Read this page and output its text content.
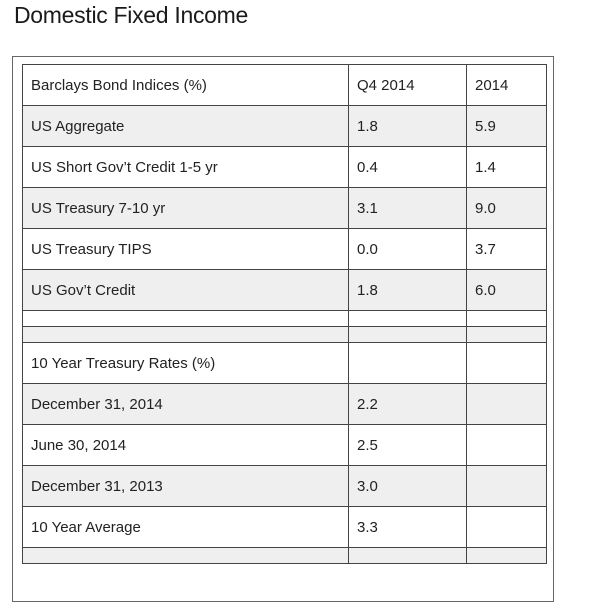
Domestic Fixed Income
Barclays Bond Indices (%)	Q4 2014	2014
US Aggregate	1.8	5.9
US Short Gov’t Credit 1-5 yr	0.4	1.4
US Treasury 7-10 yr	3.1	9.0
US Treasury TIPS	0.0	3.7
US Gov’t Credit	1.8	6.0

10 Year Treasury Rates (%)		
December 31, 2014	2.2	
June 30, 2014	2.5	
December 31, 2013	3.0	
10 Year Average	3.3	
